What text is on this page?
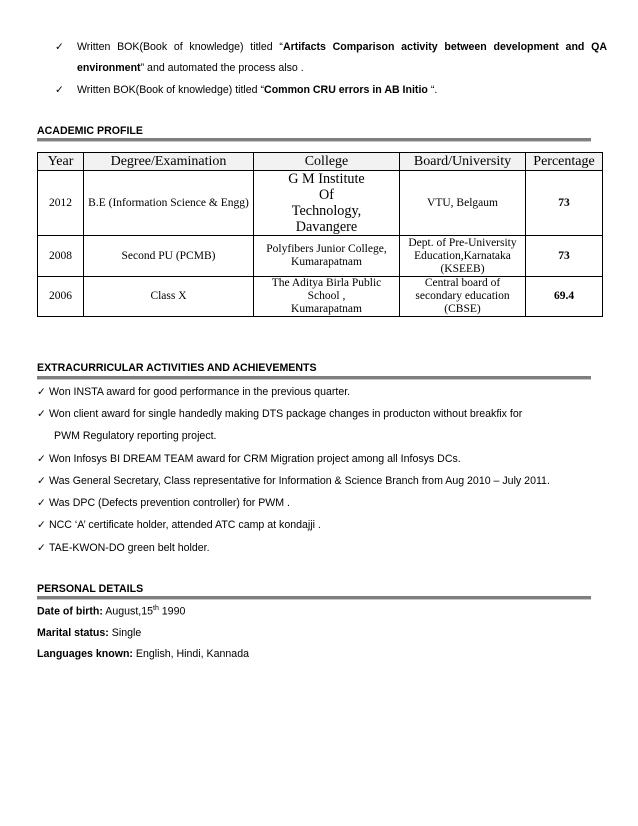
✓ Written BOK(Book of knowledge) titled “Artifacts Comparison activity between development and QA
environment” and automated the process also .
✓ Written BOK(Book of knowledge) titled “Common CRU errors in AB Initio “.
ACADEMIC PROFILE
Year	Degree/Examination	College	Board/University	Percentage
2012	B.E (Information Science & Engg)	G M Institute
Of
Technology,
Davangere	VTU, Belgaum	73
2008	Second PU (PCMB)	Polyfibers Junior College,
Kumarapatnam	Dept. of Pre-University Education,Karnataka (KSEEB)	73
2006	Class X	The Aditya Birla Public
School ,
Kumarapatnam	Central board of secondary education (CBSE)	69.4
EXTRACURRICULAR ACTIVITIES AND ACHIEVEMENTS
✓ Won INSTA award for good performance in the previous quarter.
✓ Won client award for single handedly making DTS package changes in producton without breakfix for
PWM Regulatory reporting project.
✓ Won Infosys BI DREAM TEAM award for CRM Migration project among all Infosys DCs.
✓ Was General Secretary, Class representative for Information & Science Branch from Aug 2010 – July 2011.
✓ Was DPC (Defects prevention controller) for PWM .
✓ NCC ‘A’ certificate holder, attended ATC camp at kondajji .
✓ TAE-KWON-DO green belt holder.
PERSONAL DETAILS
Date of birth: August,15th 1990
Marital status: Single
Languages known: English, Hindi, Kannada
